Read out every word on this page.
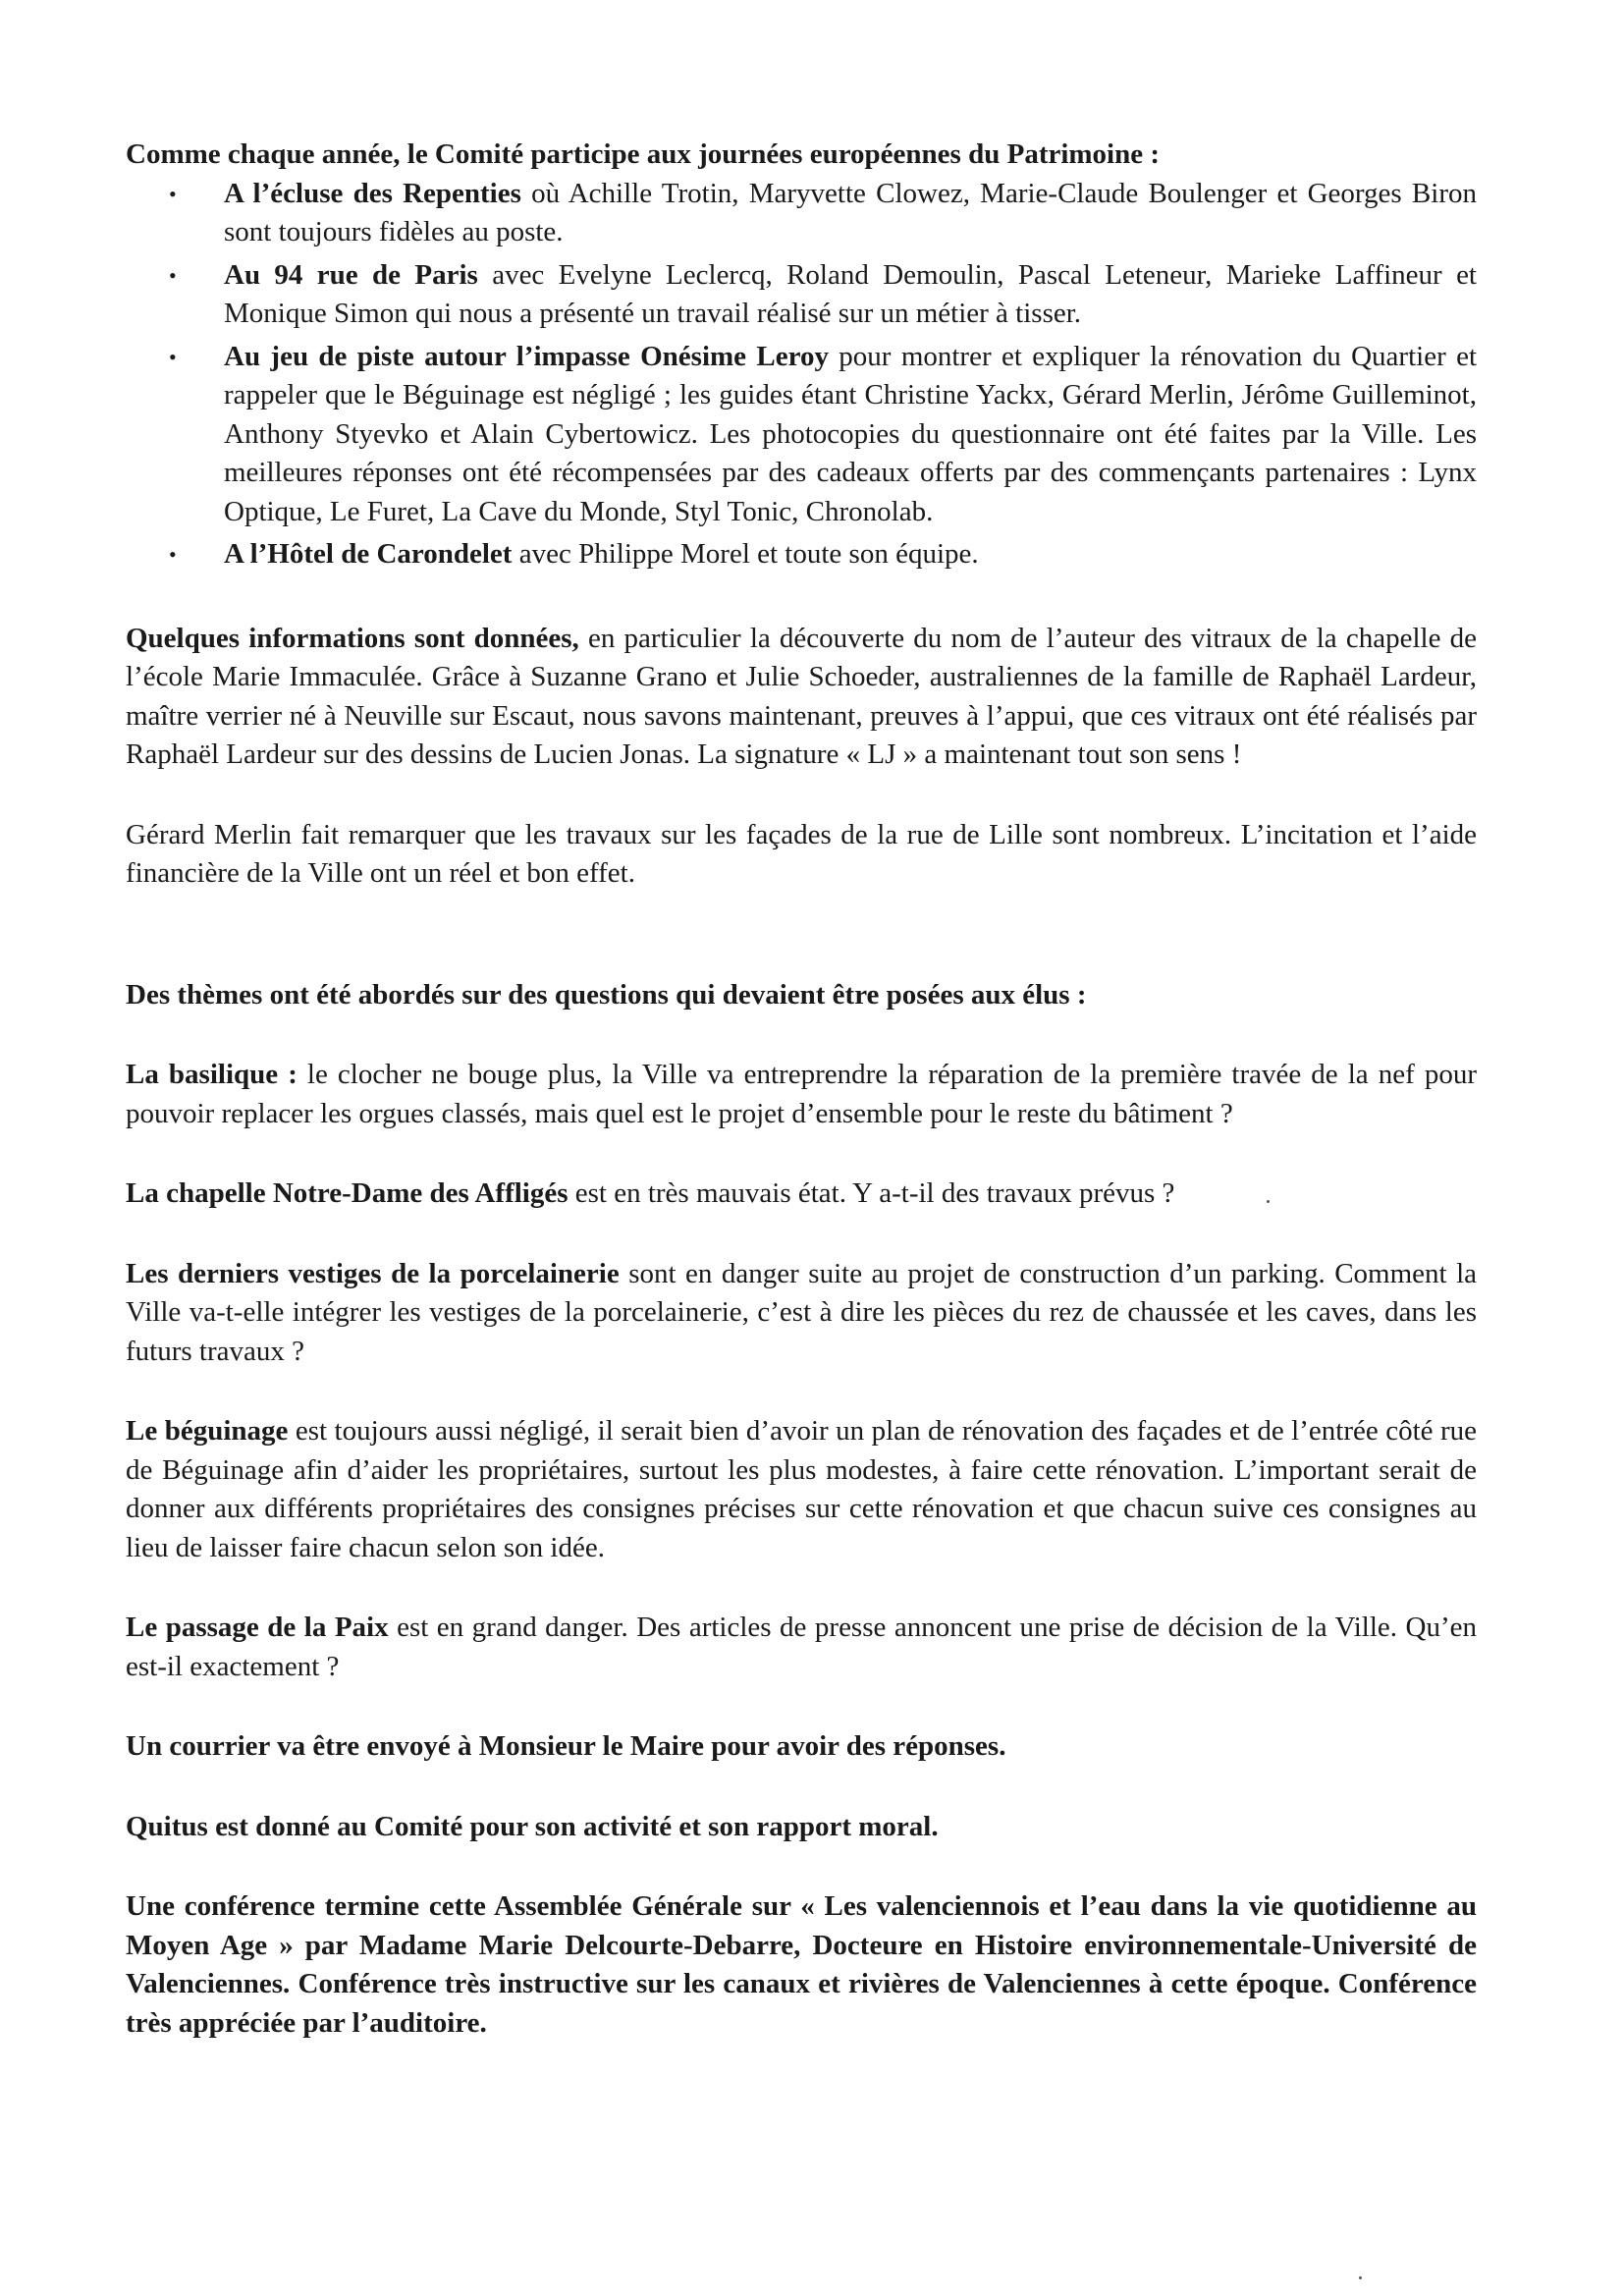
Comme chaque année, le Comité participe aux journées européennes du Patrimoine :

• A l’écluse des Repenties où Achille Trotin, Maryvette Clowez, Marie-Claude Boulenger et Georges Biron sont toujours fidèles au poste.
• Au 94 rue de Paris avec Evelyne Leclercq, Roland Demoulin, Pascal Leteneur, Marieke Laffineur et Monique Simon qui nous a présenté un travail réalisé sur un métier à tisser.
• Au jeu de piste autour l’impasse Onésime Leroy pour montrer et expliquer la rénovation du Quartier et rappeler que le Béguinage est négligé ; les guides étant Christine Yackx, Gérard Merlin, Jérôme Guilleminot, Anthony Styevko et Alain Cybertowicz. Les photocopies du questionnaire ont été faites par la Ville. Les meilleures réponses ont été récompensées par des cadeaux offerts par des commençants partenaires : Lynx Optique, Le Furet, La Cave du Monde, Styl Tonic, Chronolab.
• A l’Hôtel de Carondelet avec Philippe Morel et toute son équipe.

Quelques informations sont données, en particulier la découverte du nom de l’auteur des vitraux de la chapelle de l’école Marie Immaculée. Grâce à Suzanne Grano et Julie Schoeder, australiennes de la famille de Raphaël Lardeur, maître verrier né à Neuville sur Escaut, nous savons maintenant, preuves à l’appui, que ces vitraux ont été réalisés par Raphaël Lardeur sur des dessins de Lucien Jonas. La signature « LJ » a maintenant tout son sens !

Gérard Merlin fait remarquer que les travaux sur les façades de la rue de Lille sont nombreux. L’incitation et l’aide financière de la Ville ont un réel et bon effet.

Des thèmes ont été abordés sur des questions qui devaient être posées aux élus :

La basilique : le clocher ne bouge plus, la Ville va entreprendre la réparation de la première travée de la nef pour pouvoir replacer les orgues classés, mais quel est le projet d’ensemble pour le reste du bâtiment ?

La chapelle Notre-Dame des Affligés est en très mauvais état. Y a-t-il des travaux prévus ?

Les derniers vestiges de la porcelainerie sont en danger suite au projet de construction d’un parking. Comment la Ville va-t-elle intégrer les vestiges de la porcelainerie, c’est à dire les pièces du rez de chaussée et les caves, dans les futurs travaux ?

Le béguinage est toujours aussi négligé, il serait bien d’avoir un plan de rénovation des façades et de l’entrée côté rue de Béguinage afin d’aider les propriétaires, surtout les plus modestes, à faire cette rénovation. L’important serait de donner aux différents propriétaires des consignes précises sur cette rénovation et que chacun suive ces consignes au lieu de laisser faire chacun selon son idée.

Le passage de la Paix est en grand danger. Des articles de presse annoncent une prise de décision de la Ville. Qu’en est-il exactement ?

Un courrier va être envoyé à Monsieur le Maire pour avoir des réponses.

Quitus est donné au Comité pour son activité et son rapport moral.

Une conférence termine cette Assemblée Générale sur « Les valenciennois et l’eau dans la vie quotidienne au Moyen Age » par Madame Marie Delcourte-Debarre, Docteure en Histoire environnementale-Université de Valenciennes. Conférence très instructive sur les canaux et rivières de Valenciennes à cette époque. Conférence très appréciée par l’auditoire.
